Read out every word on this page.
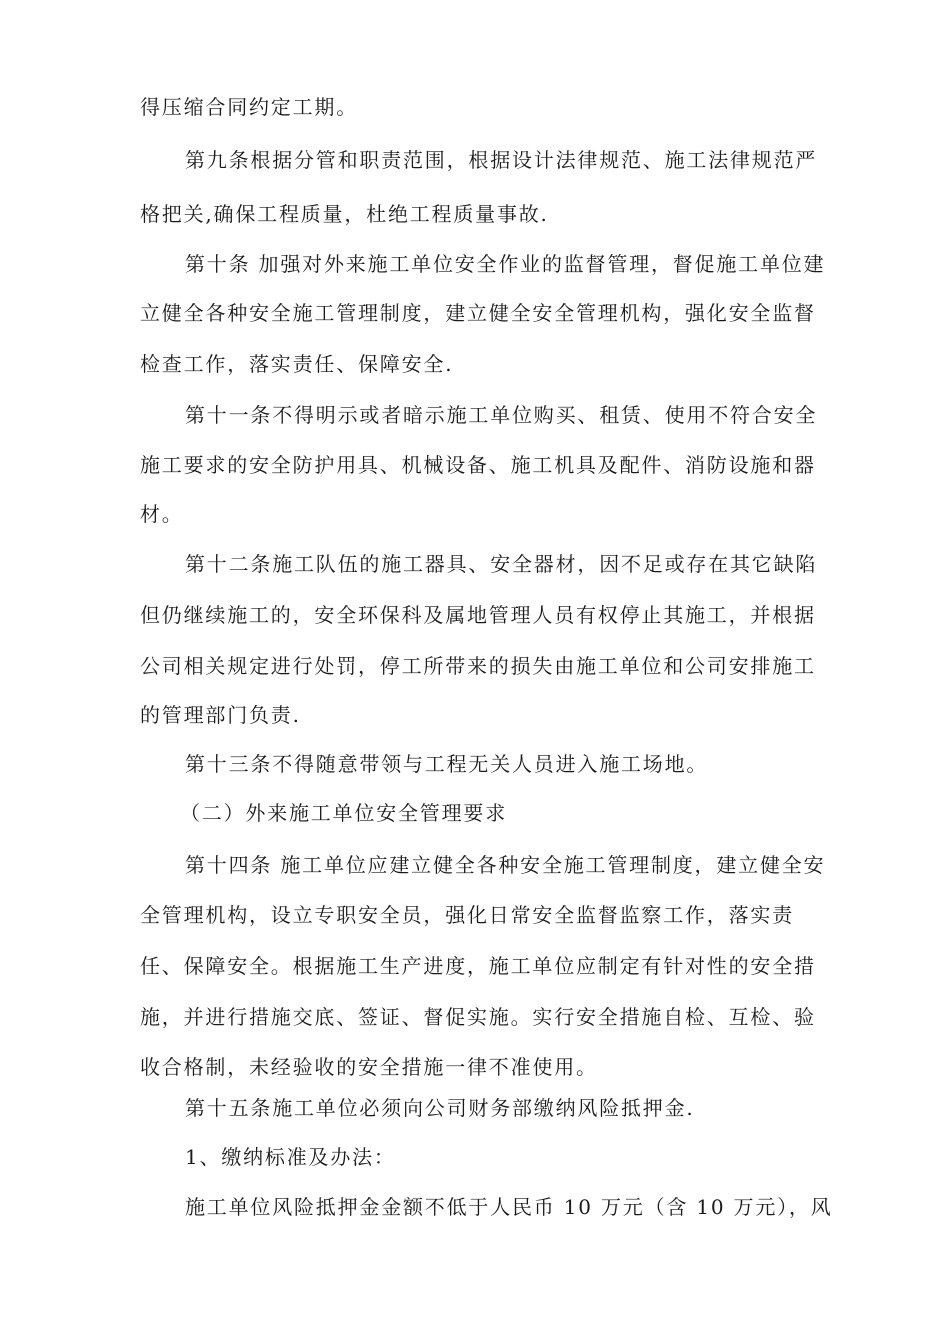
得压缩合同约定工期。
第九条根据分管和职责范围，根据设计法律规范、施工法律规范严
格把关,确保工程质量，杜绝工程质量事故.
第十条 加强对外来施工单位安全作业的监督管理，督促施工单位建
立健全各种安全施工管理制度，建立健全安全管理机构，强化安全监督
检查工作，落实责任、保障安全.
第十一条不得明示或者暗示施工单位购买、租赁、使用不符合安全
施工要求的安全防护用具、机械设备、施工机具及配件、消防设施和器
材。
第十二条施工队伍的施工器具、安全器材，因不足或存在其它缺陷
但仍继续施工的，安全环保科及属地管理人员有权停止其施工，并根据
公司相关规定进行处罚，停工所带来的损失由施工单位和公司安排施工
的管理部门负责.
第十三条不得随意带领与工程无关人员进入施工场地。
（二）外来施工单位安全管理要求
第十四条 施工单位应建立健全各种安全施工管理制度，建立健全安
全管理机构，设立专职安全员，强化日常安全监督监察工作，落实责
任、保障安全。根据施工生产进度，施工单位应制定有针对性的安全措
施，并进行措施交底、签证、督促实施。实行安全措施自检、互检、验
收合格制，未经验收的安全措施一律不准使用。
第十五条施工单位必须向公司财务部缴纳风险抵押金.
1、缴纳标准及办法：
施工单位风险抵押金金额不低于人民币 10 万元（含 10 万元），风
